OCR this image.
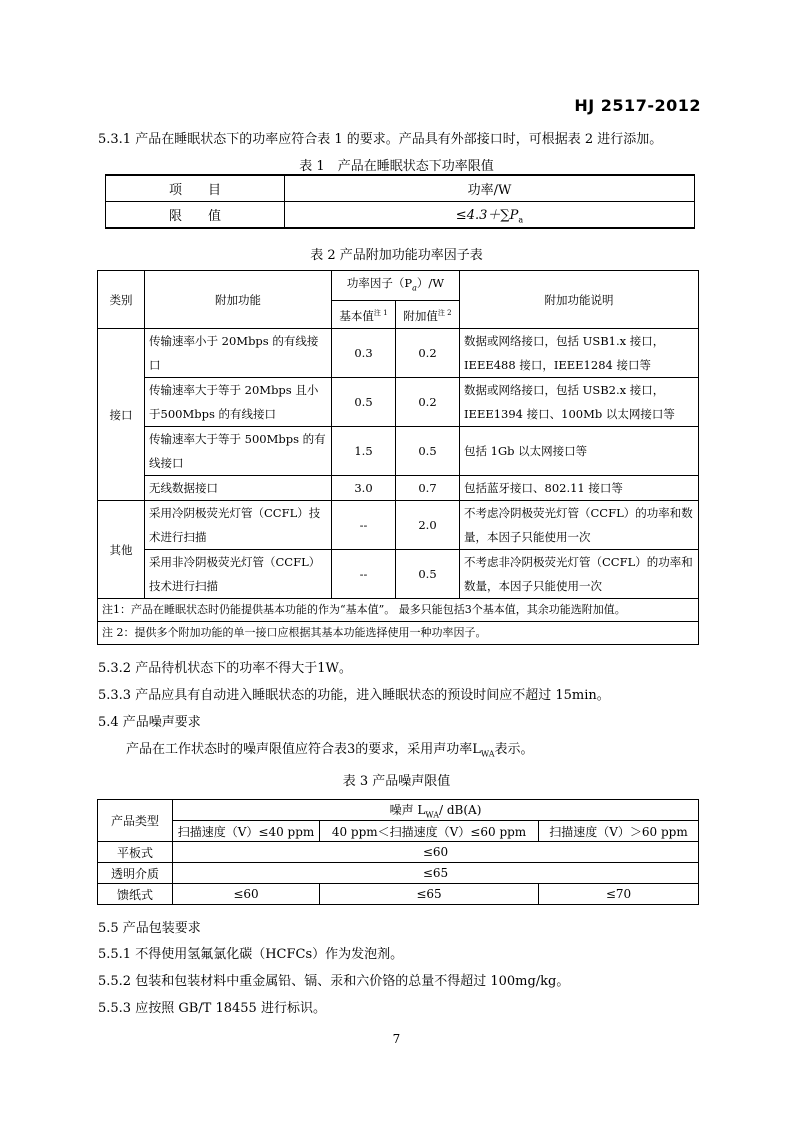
HJ 2517-2012
5.3.1 产品在睡眠状态下的功率应符合表 1 的要求。产品具有外部接口时，可根据表 2 进行添加。
表 1　产品在睡眠状态下功率限值
项　　目	功率/W
限　　值	$\le 4.3+\sum P_a$
表 2 产品附加功能功率因子表
类别	附加功能	功率因子$(P_a)/W$		附加功能说明
		基本值$^{注 1}$	附加值$^{注 2}$
接口	传输速率小于 20Mbps 的有线接口	0.3	0.2	数据或网络接口，包括 USB1.x 接口，IEEE488 接口，IEEE1284 接口等
	传输速率大于等于 20Mbps 且小于500Mbps 的有线接口	0.5	0.2	数据或网络接口，包括 USB2.x 接口，IEEE1394 接口、100Mb 以太网接口等
	传输速率大于等于 500Mbps 的有线接口	1.5	0.5	包括 1Gb 以太网接口等
	无线数据接口	3.0	0.7	包括蓝牙接口、802.11 接口等
其他	采用冷阴极荧光灯管（CCFL）技术进行扫描	--	2.0	不考虑冷阴极荧光灯管（CCFL）的功率和数量，本因子只能使用一次
	采用非冷阴极荧光灯管（CCFL）技术进行扫描	--	0.5	不考虑非冷阴极荧光灯管（CCFL）的功率和数量，本因子只能使用一次
注1：产品在睡眠状态时仍能提供基本功能的作为“基本值”。 最多只能包括3个基本值，其余功能选附加值。				
注 2：提供多个附加功能的单一接口应根据其基本功能选择使用一种功率因子。				
5.3.2 产品待机状态下的功率不得大于1W。
5.3.3 产品应具有自动进入睡眠状态的功能，进入睡眠状态的预设时间应不超过 15min。
5.4 产品噪声要求
产品在工作状态时的噪声限值应符合表3的要求，采用声功率$L_{WA}$表示。
表 3 产品噪声限值
产品类型	噪声 $L_{WA}/$ dB(A)		
	扫描速度（V）≤40 ppm	40 ppm＜扫描速度（V）≤60 ppm	扫描速度（V）＞60 ppm
平板式	≤60		
透明介质	≤65		
馈纸式	≤60	≤65	≤70
5.5 产品包装要求
5.5.1 不得使用氢氟氯化碳（HCFCs）作为发泡剂。
5.5.2 包装和包装材料中重金属铅、镉、汞和六价铬的总量不得超过 100mg/kg。
5.5.3 应按照 GB/T 18455 进行标识。
7
